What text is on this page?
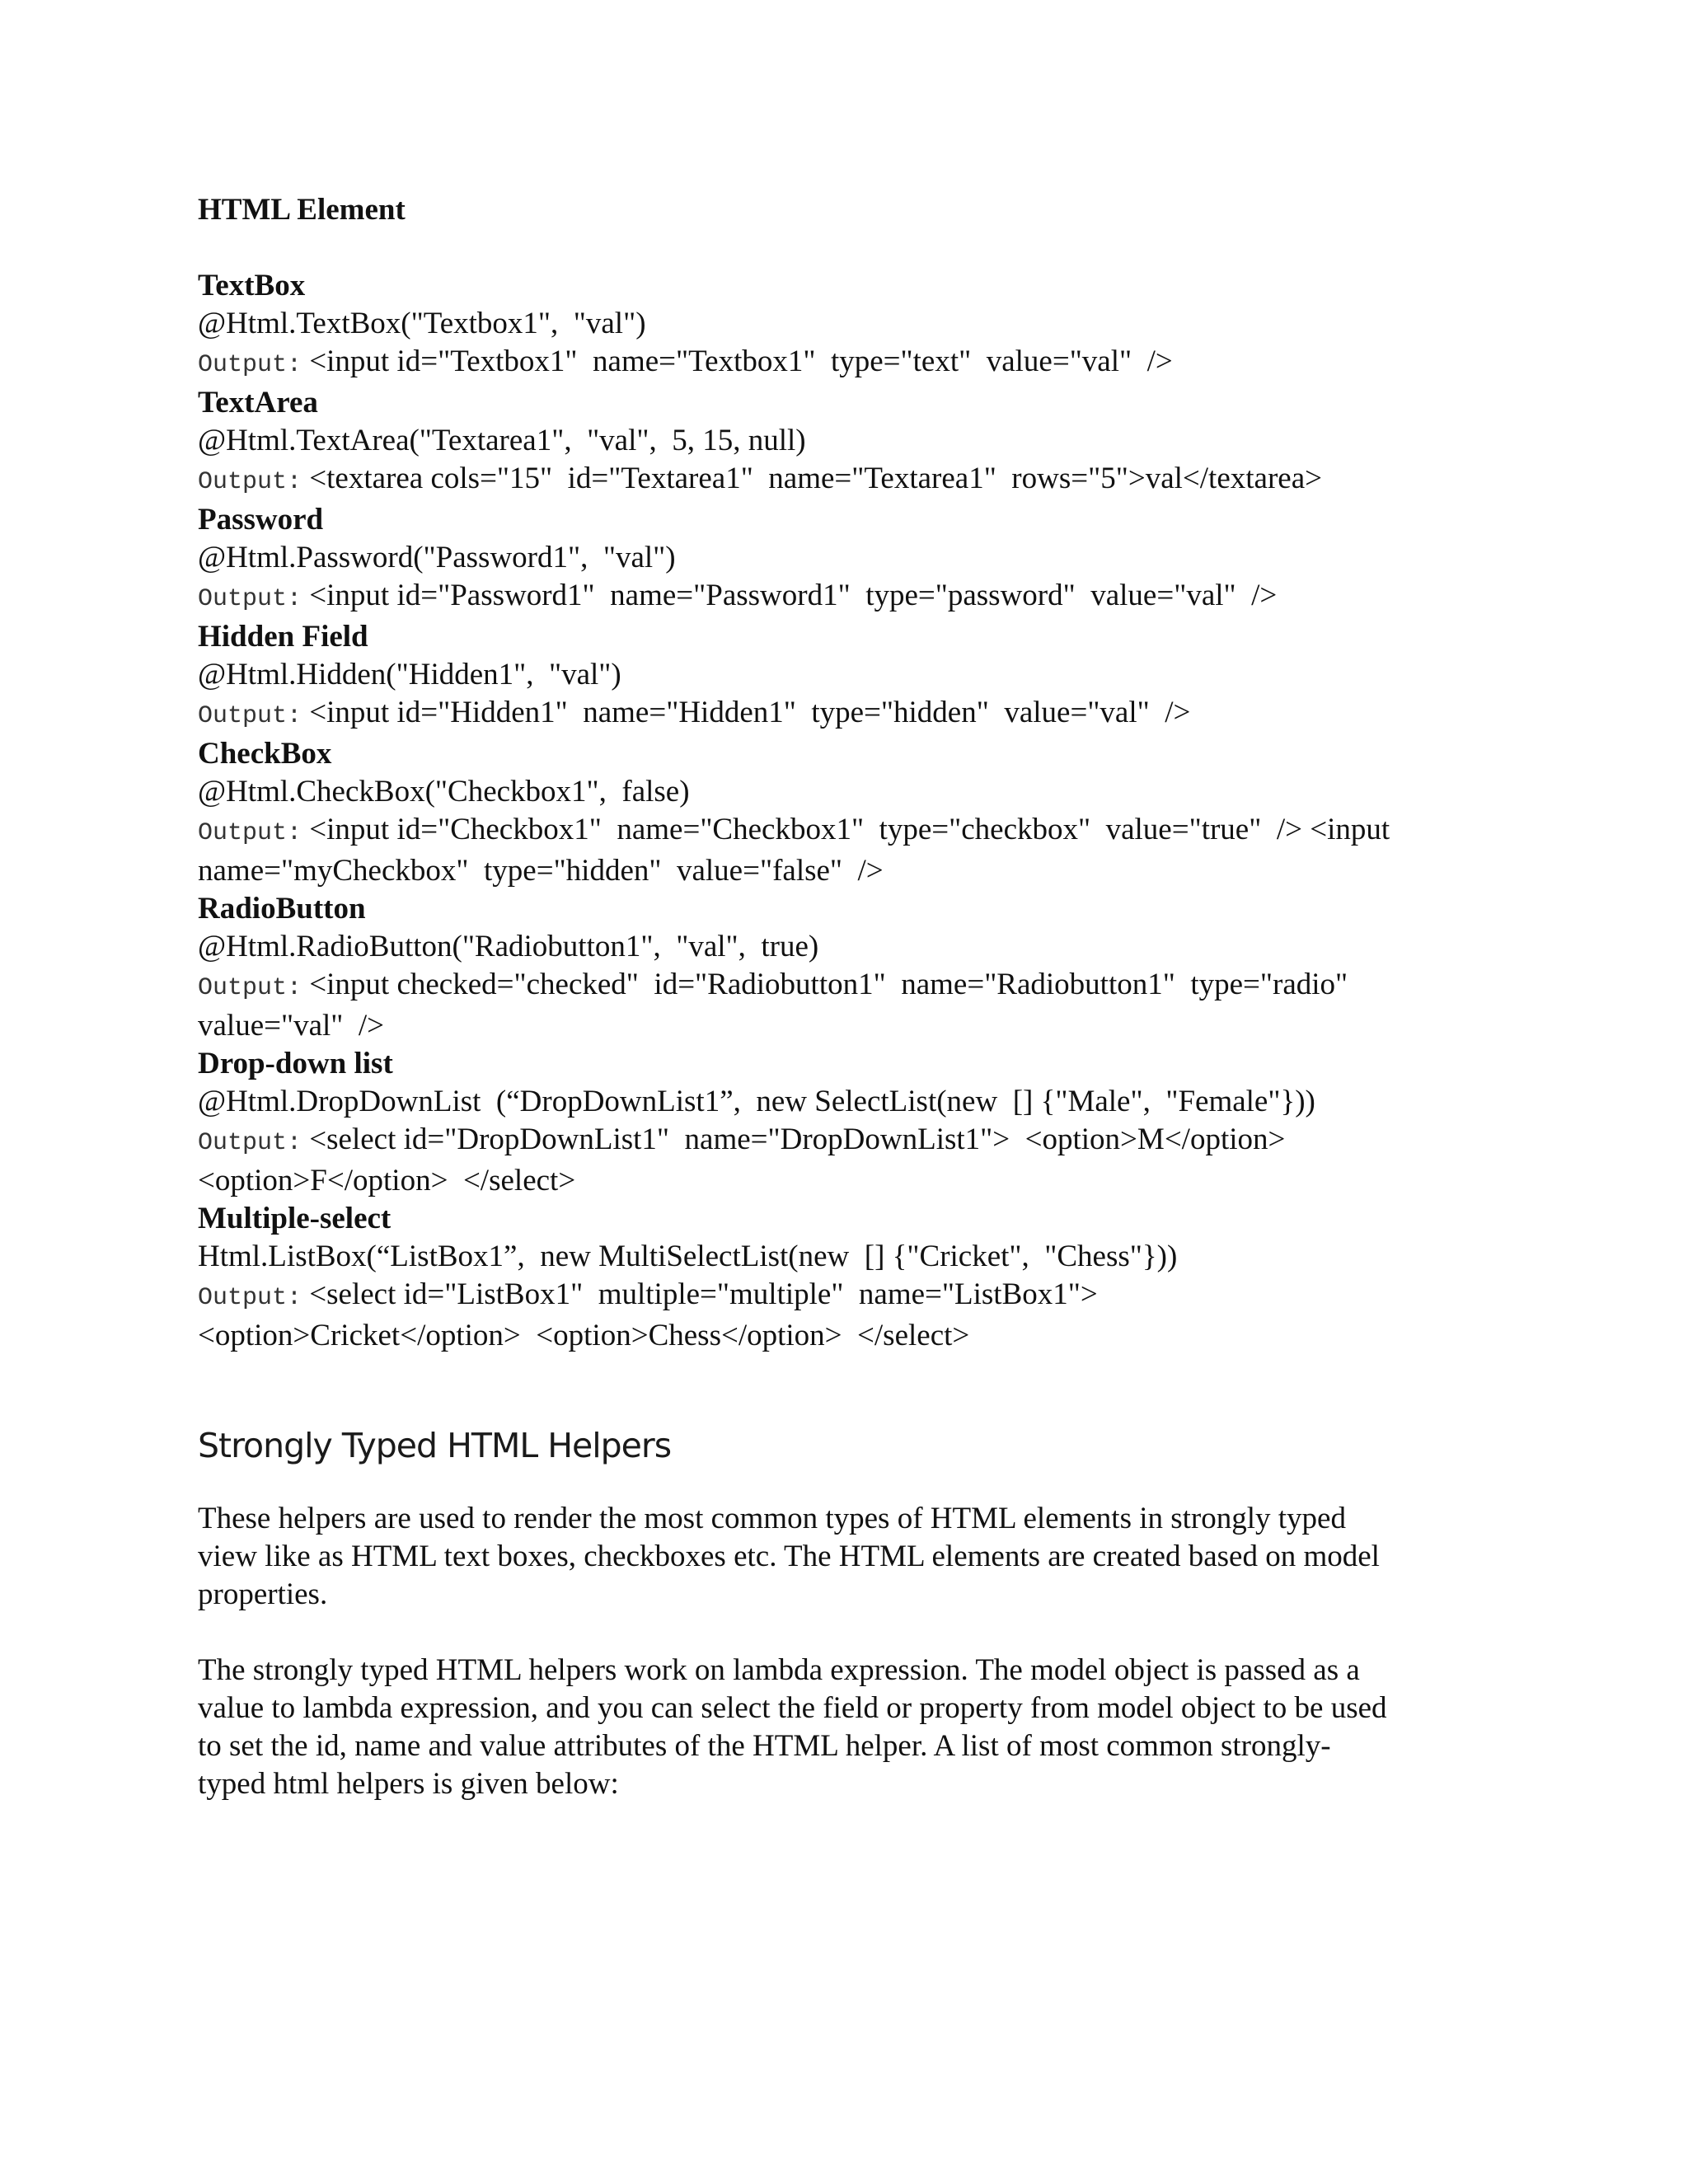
HTML Element

TextBox

@Html.TextBox("Textbox1",  "val")

Output: <input id="Textbox1"  name="Textbox1"  type="text"  value="val"  />

TextArea

@Html.TextArea("Textarea1",  "val",  5, 15, null)

Output: <textarea cols="15"  id="Textarea1"  name="Textarea1"  rows="5">val</textarea>

Password

@Html.Password("Password1",  "val")

Output: <input id="Password1"  name="Password1"  type="password"  value="val"  />

Hidden Field

@Html.Hidden("Hidden1",  "val")

Output: <input id="Hidden1"  name="Hidden1"  type="hidden"  value="val"  />

CheckBox

@Html.CheckBox("Checkbox1",  false)

Output: <input id="Checkbox1"  name="Checkbox1"  type="checkbox"  value="true"  /> <input

name="myCheckbox"  type="hidden"  value="false"  />

RadioButton

@Html.RadioButton("Radiobutton1",  "val",  true)

Output: <input checked="checked"  id="Radiobutton1"  name="Radiobutton1"  type="radio"

value="val"  />

Drop-down list

@Html.DropDownList  (“DropDownList1”,  new SelectList(new  [] {"Male",  "Female"}))

Output: <select id="DropDownList1"  name="DropDownList1">  <option>M</option>

<option>F</option>  </select>

Multiple-select

Html.ListBox(“ListBox1”,  new MultiSelectList(new  [] {"Cricket",  "Chess"}))

Output: <select id="ListBox1"  multiple="multiple"  name="ListBox1">

<option>Cricket</option>  <option>Chess</option>  </select>

Strongly Typed HTML Helpers
These helpers are used to render the most common types of HTML elements in strongly typed
view like as HTML text boxes, checkboxes etc. The HTML elements are created based on model
properties.
The strongly typed HTML helpers work on lambda expression. The model object is passed as a
value to lambda expression, and you can select the field or property from model object to be used
to set the id, name and value attributes of the HTML helper. A list of most common strongly-
typed html helpers is given below:
